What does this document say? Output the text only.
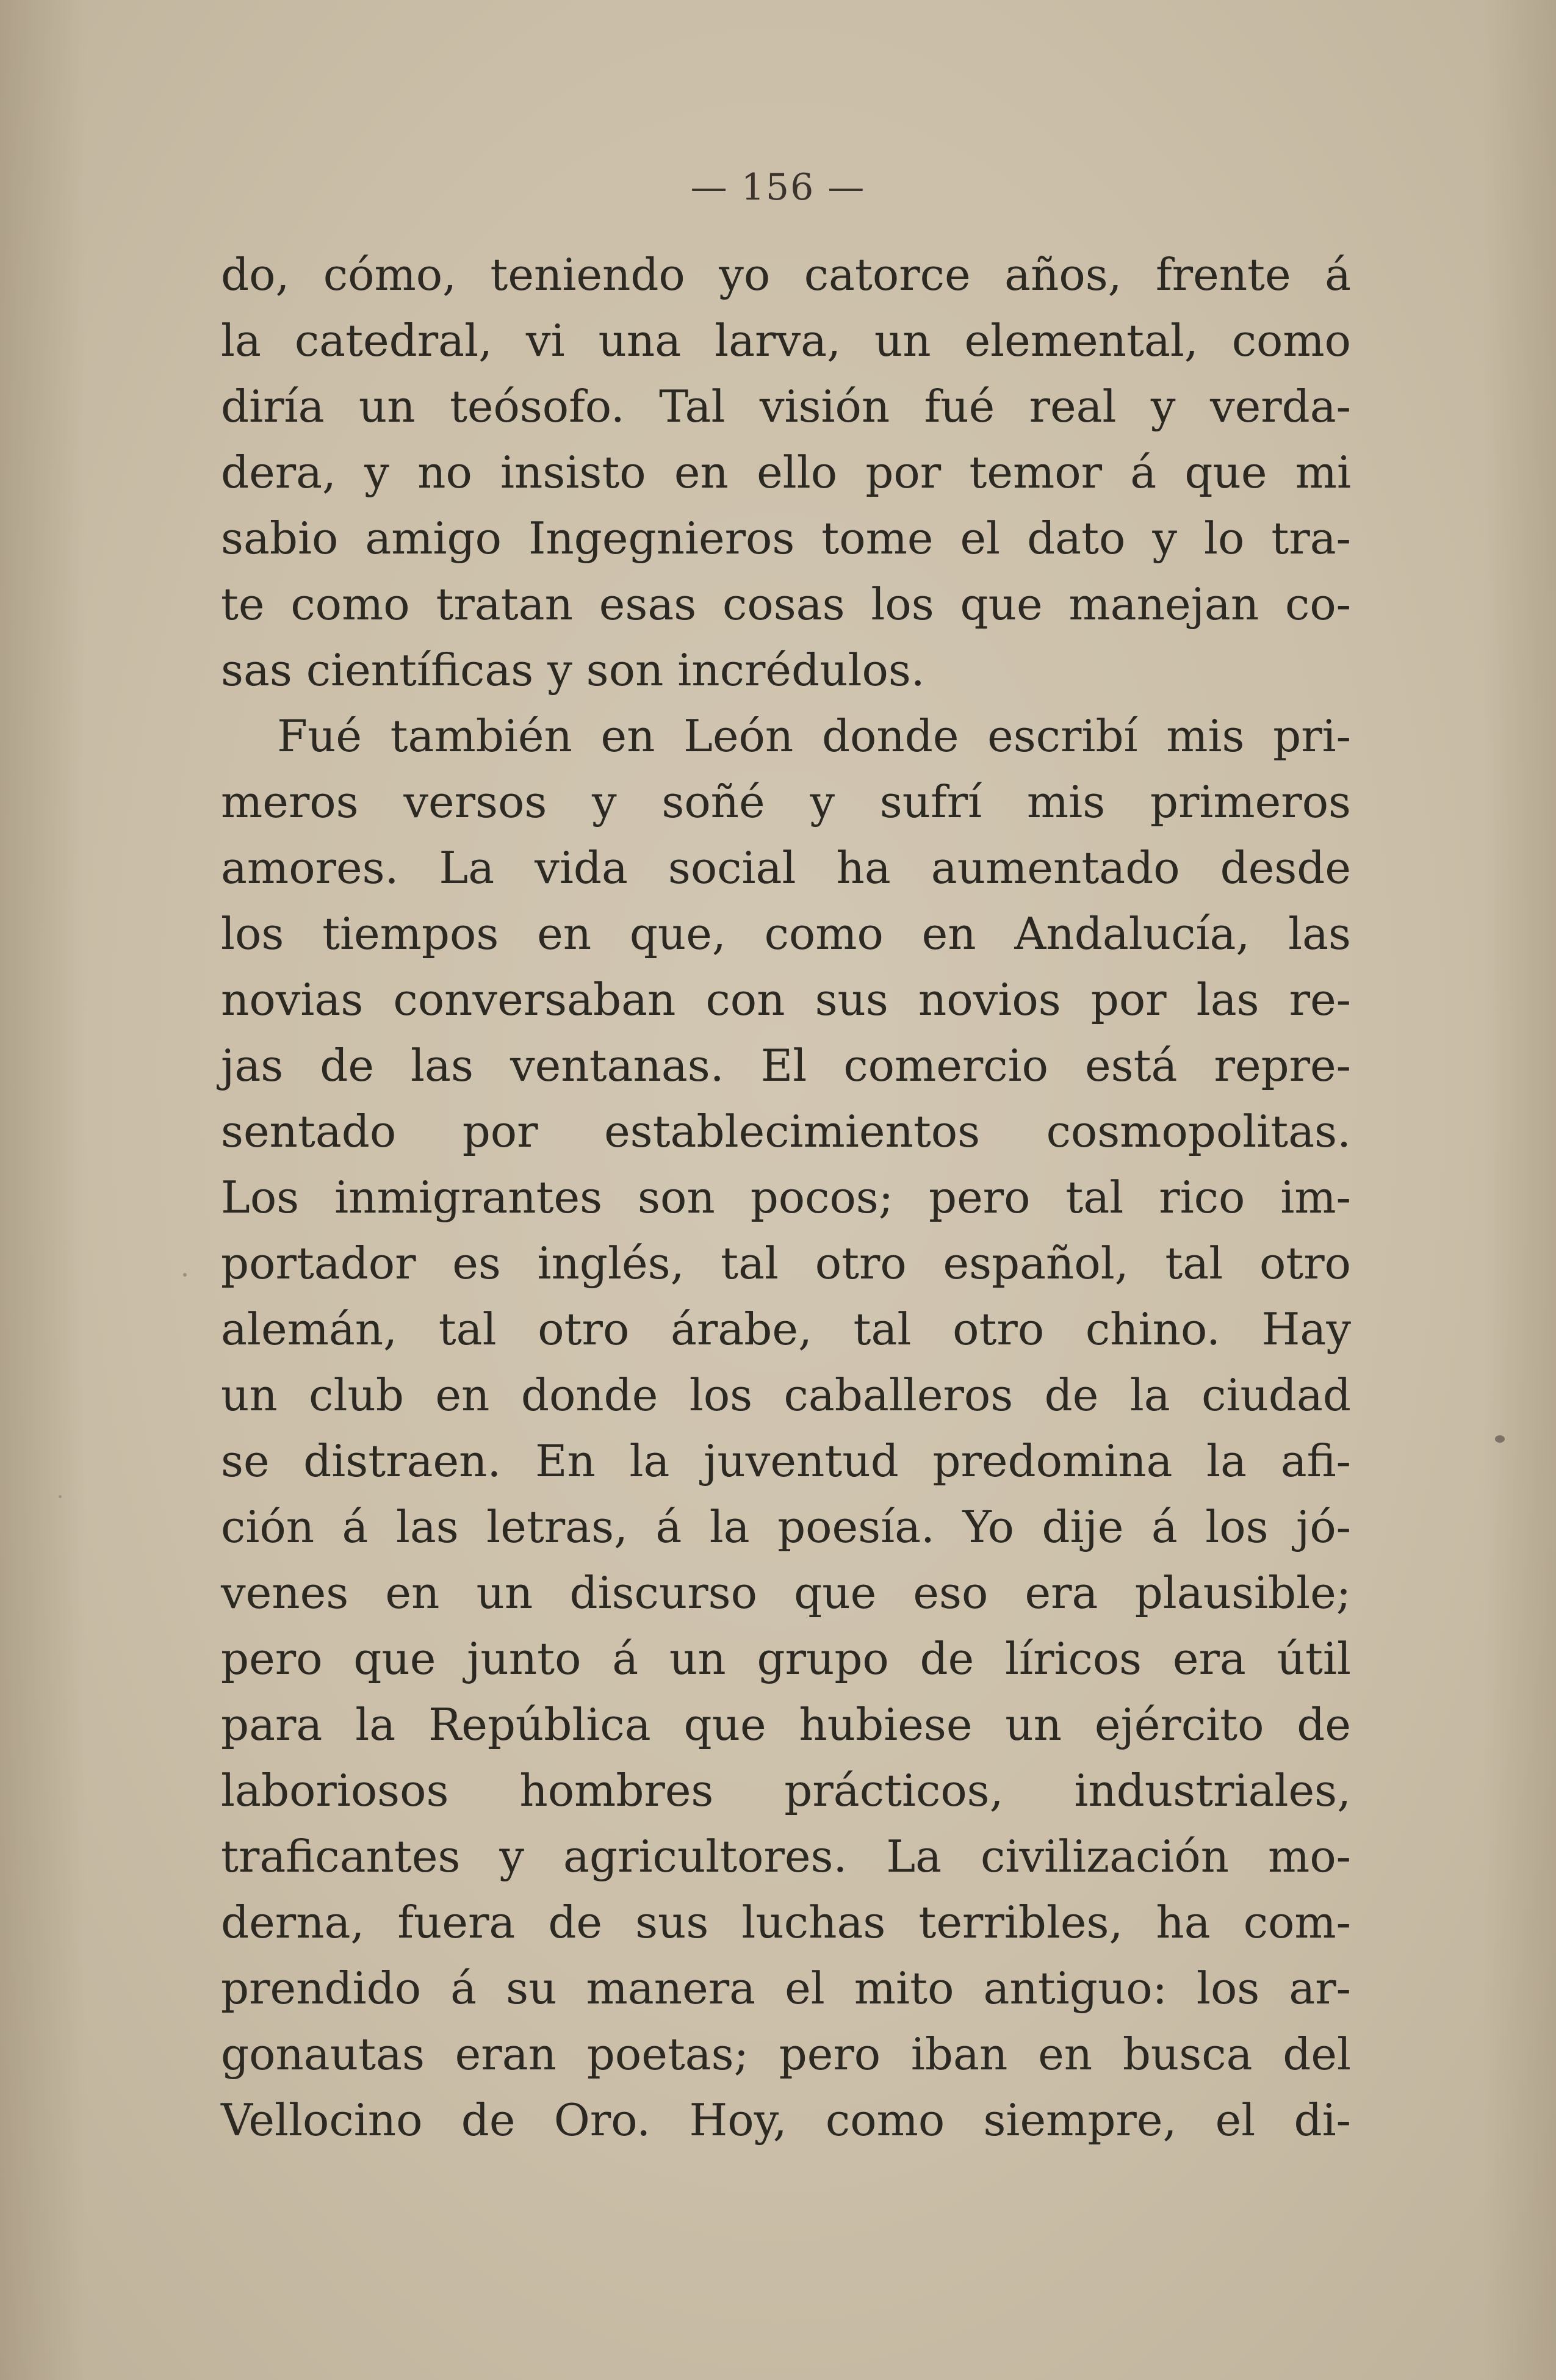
— 156 —
do, cómo, teniendo yo catorce años, frente á
la catedral, vi una larva, un elemental, como
diría un teósofo. Tal visión fué real y verda-
dera, y no insisto en ello por temor á que mi
sabio amigo Ingegnieros tome el dato y lo tra-
te como tratan esas cosas los que manejan co-
sas científicas y son incrédulos.
Fué también en León donde escribí mis pri-
meros versos y soñé y sufrí mis primeros
amores. La vida social ha aumentado desde
los tiempos en que, como en Andalucía, las
novias conversaban con sus novios por las re-
jas de las ventanas. El comercio está repre-
sentado por establecimientos cosmopolitas.
Los inmigrantes son pocos; pero tal rico im-
portador es inglés, tal otro español, tal otro
alemán, tal otro árabe, tal otro chino. Hay
un club en donde los caballeros de la ciudad
se distraen. En la juventud predomina la afi-
ción á las letras, á la poesía. Yo dije á los jó-
venes en un discurso que eso era plausible;
pero que junto á un grupo de líricos era útil
para la República que hubiese un ejército de
laboriosos hombres prácticos, industriales,
traficantes y agricultores. La civilización mo-
derna, fuera de sus luchas terribles, ha com-
prendido á su manera el mito antiguo: los ar-
gonautas eran poetas; pero iban en busca del
Vellocino de Oro. Hoy, como siempre, el di-
